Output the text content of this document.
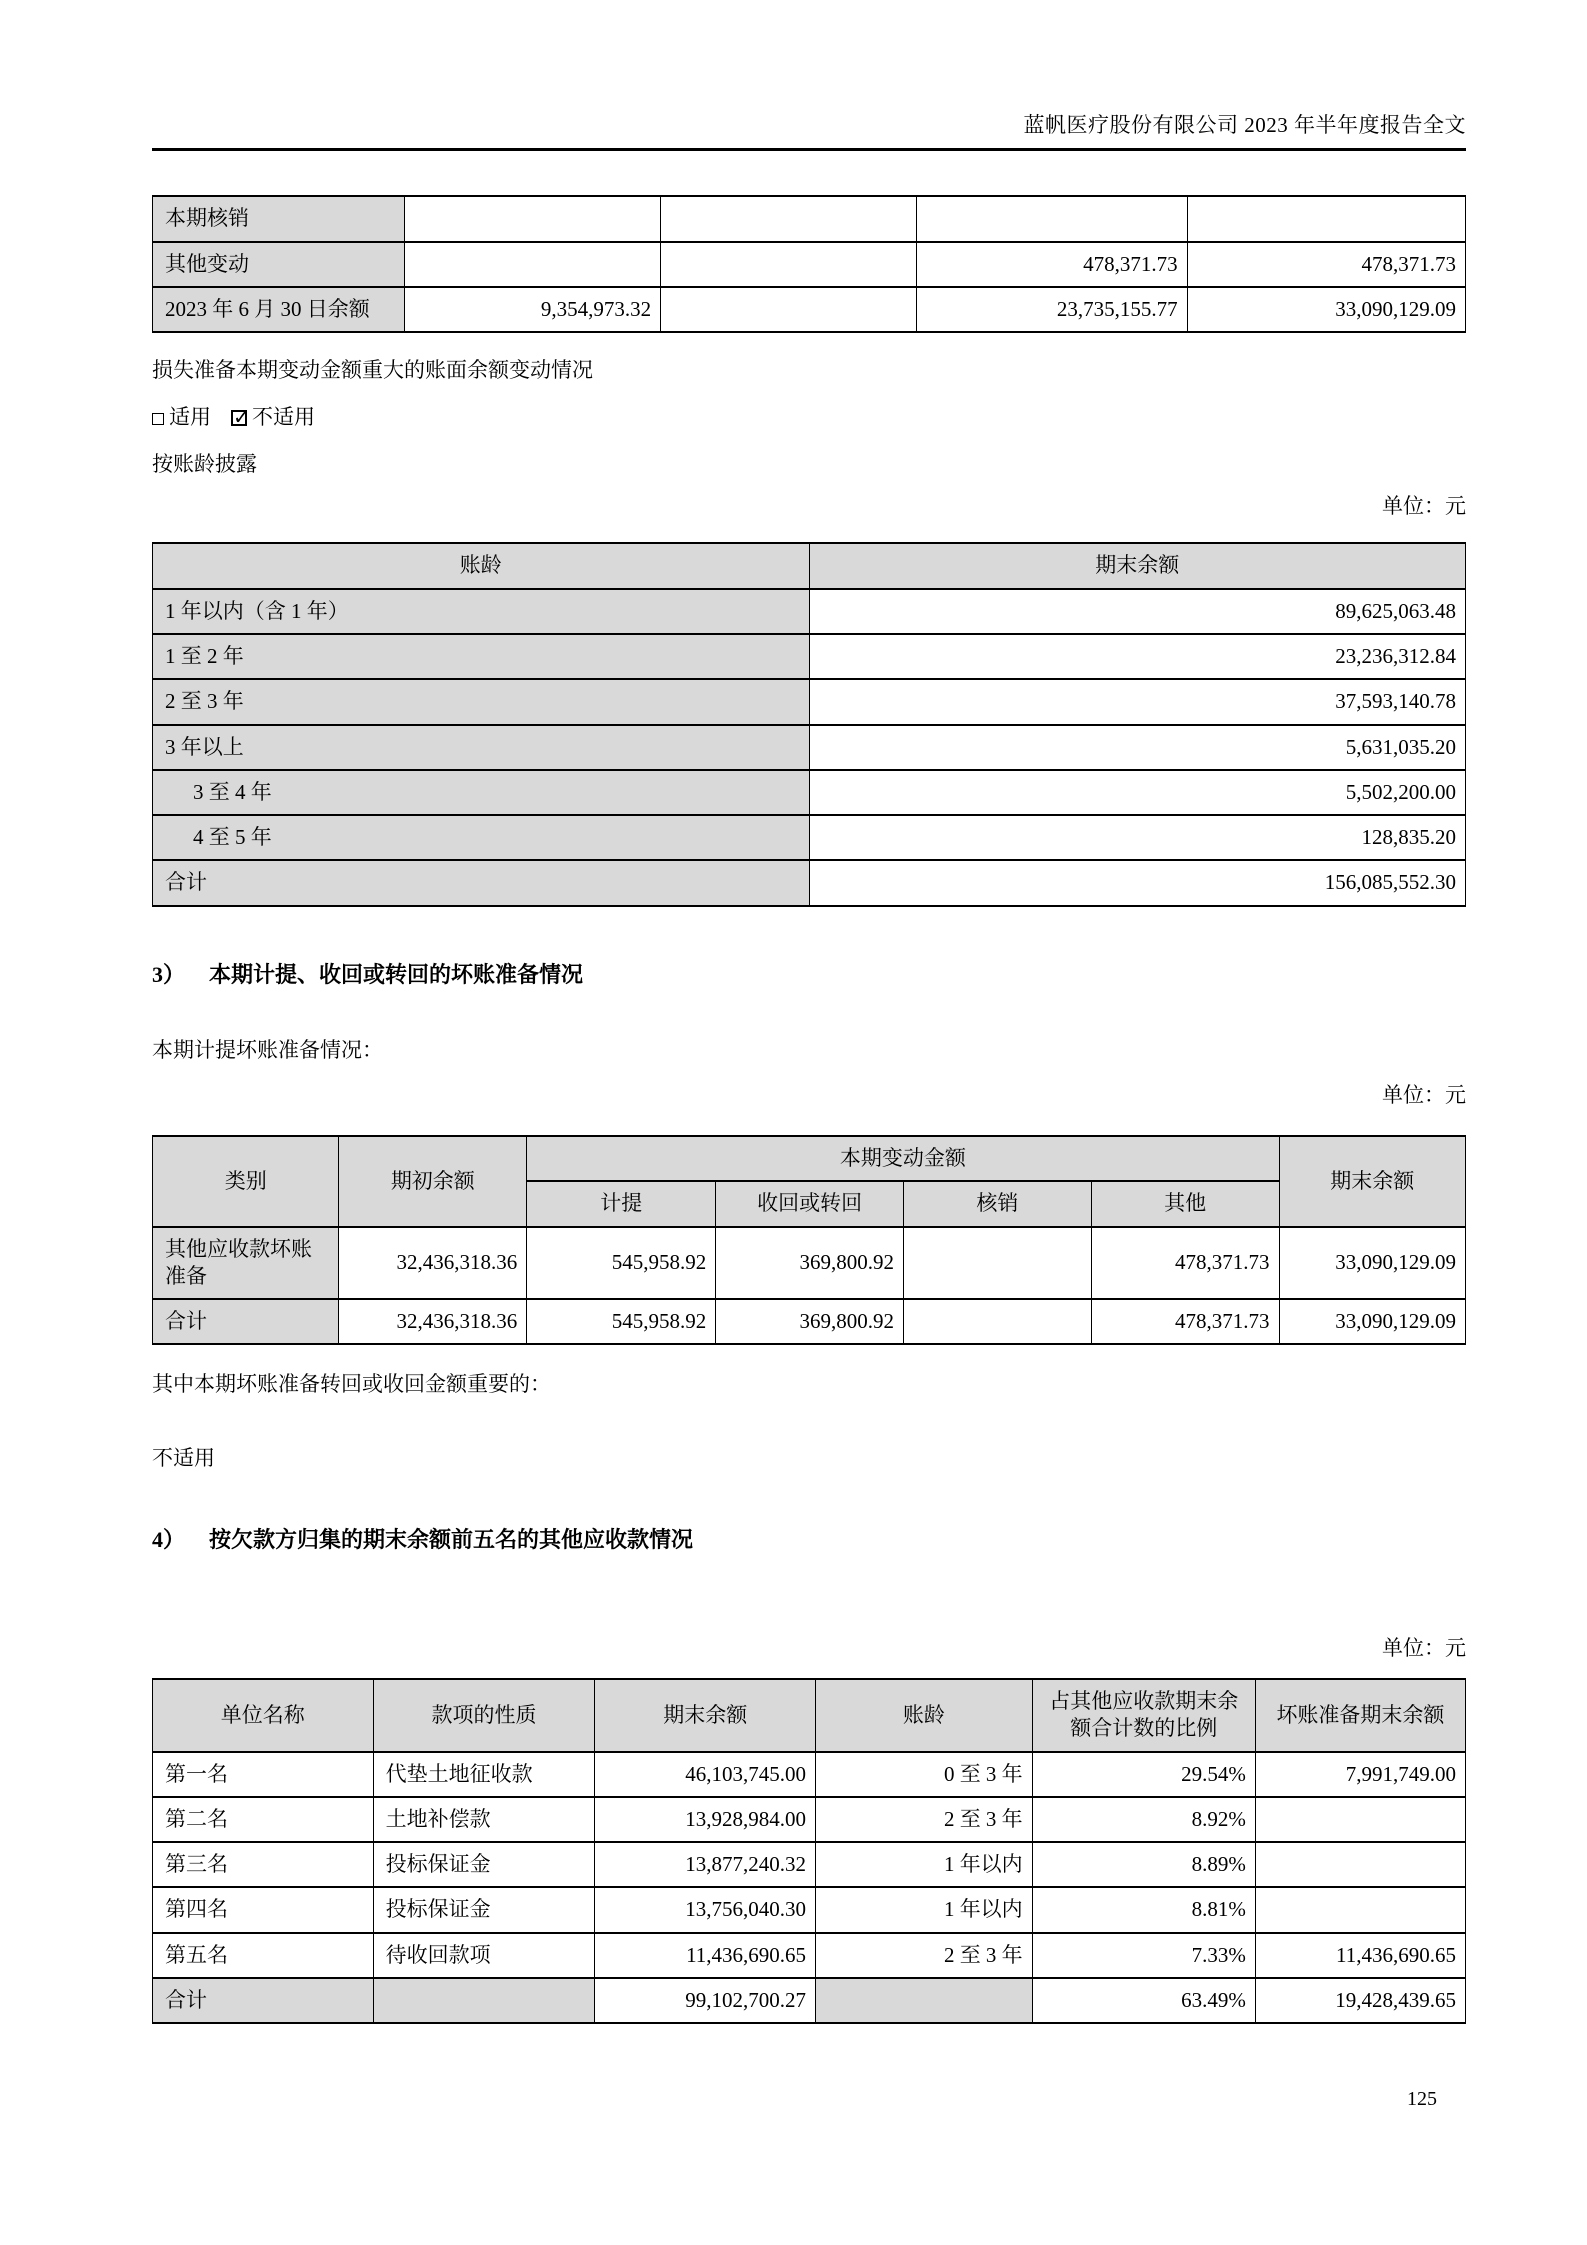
蓝帆医疗股份有限公司 2023 年半年度报告全文
本期核销				
其他变动			478,371.73	478,371.73
2023 年 6 月 30 日余额	9,354,973.32		23,735,155.77	33,090,129.09

损失准备本期变动金额重大的账面余额变动情况

适用 ✓ 不适用

按账龄披露

单位：元

账龄	期末余额
1 年以内（含 1 年）	89,625,063.48
1 至 2 年	23,236,312.84
2 至 3 年	37,593,140.78
3 年以上	5,631,035.20
3 至 4 年	5,502,200.00
4 至 5 年	128,835.20
合计	156,085,552.30
3） 本期计提、收回或转回的坏账准备情况

本期计提坏账准备情况：

单位：元

类别	期初余额	本期变动金额				期末余额
		计提	收回或转回	核销	其他	
其他应收款坏账准备	32,436,318.36	545,958.92	369,800.92		478,371.73	33,090,129.09
合计	32,436,318.36	545,958.92	369,800.92		478,371.73	33,090,129.09

其中本期坏账准备转回或收回金额重要的：

不适用

4） 按欠款方归集的期末余额前五名的其他应收款情况

单位：元

单位名称	款项的性质	期末余额	账龄	占其他应收款期末余额合计数的比例	坏账准备期末余额
第一名	代垫土地征收款	46,103,745.00	0 至 3 年	29.54%	7,991,749.00
第二名	土地补偿款	13,928,984.00	2 至 3 年	8.92%	
第三名	投标保证金	13,877,240.32	1 年以内	8.89%	
第四名	投标保证金	13,756,040.30	1 年以内	8.81%	
第五名	待收回款项	11,436,690.65	2 至 3 年	7.33%	11,436,690.65
合计		99,102,700.27		63.49%	19,428,439.65
125
